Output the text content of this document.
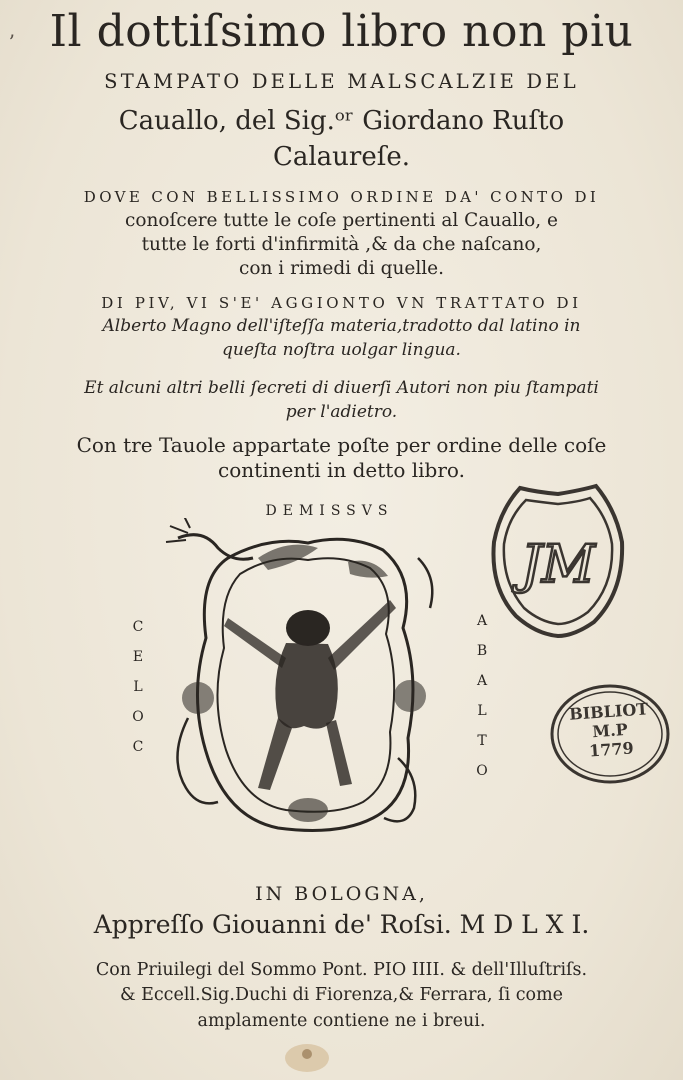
ʼ Il dottiſsimo libro non piu
STAMPATO DELLE MALSCALZIE DEL
Cauallo, del Sig.ᵒʳ Giordano Ruſto
Calaureſe.
DOVE CON BELLISSIMO ORDINE DA' CONTO DI
conoſcere tutte le coſe pertinenti al Cauallo, e
tutte le forti d'infirmità ,& da che naſcano,
con i rimedi di quelle.
DI PIV, VI S'E' AGGIONTO VN TRATTATO DI
Alberto Magno dell'iſteſſa materia,tradotto dal latino in
queſta noſtra uolgar lingua.
Et alcuni altri belli ſecreti di diuerſi Autori non piu ſtampati
per l'adietro.
Con tre Tauole appartate poſte per ordine delle coſe
continenti in detto libro.
DEMISSVS
C
E
L
O
C
A
B
A
L
T
O
JM
BIBLIOT
M.P
1779
IN BOLOGNA,
Appreſſo Giouanni de' Roſsi. M D L X I.
Con Priuilegi del Sommo Pont. PIO IIII. & dell'Illuſtriſs.
& Eccell.Sig.Duchi di Fiorenza,& Ferrara, ſi come
amplamente contiene ne i breui.
